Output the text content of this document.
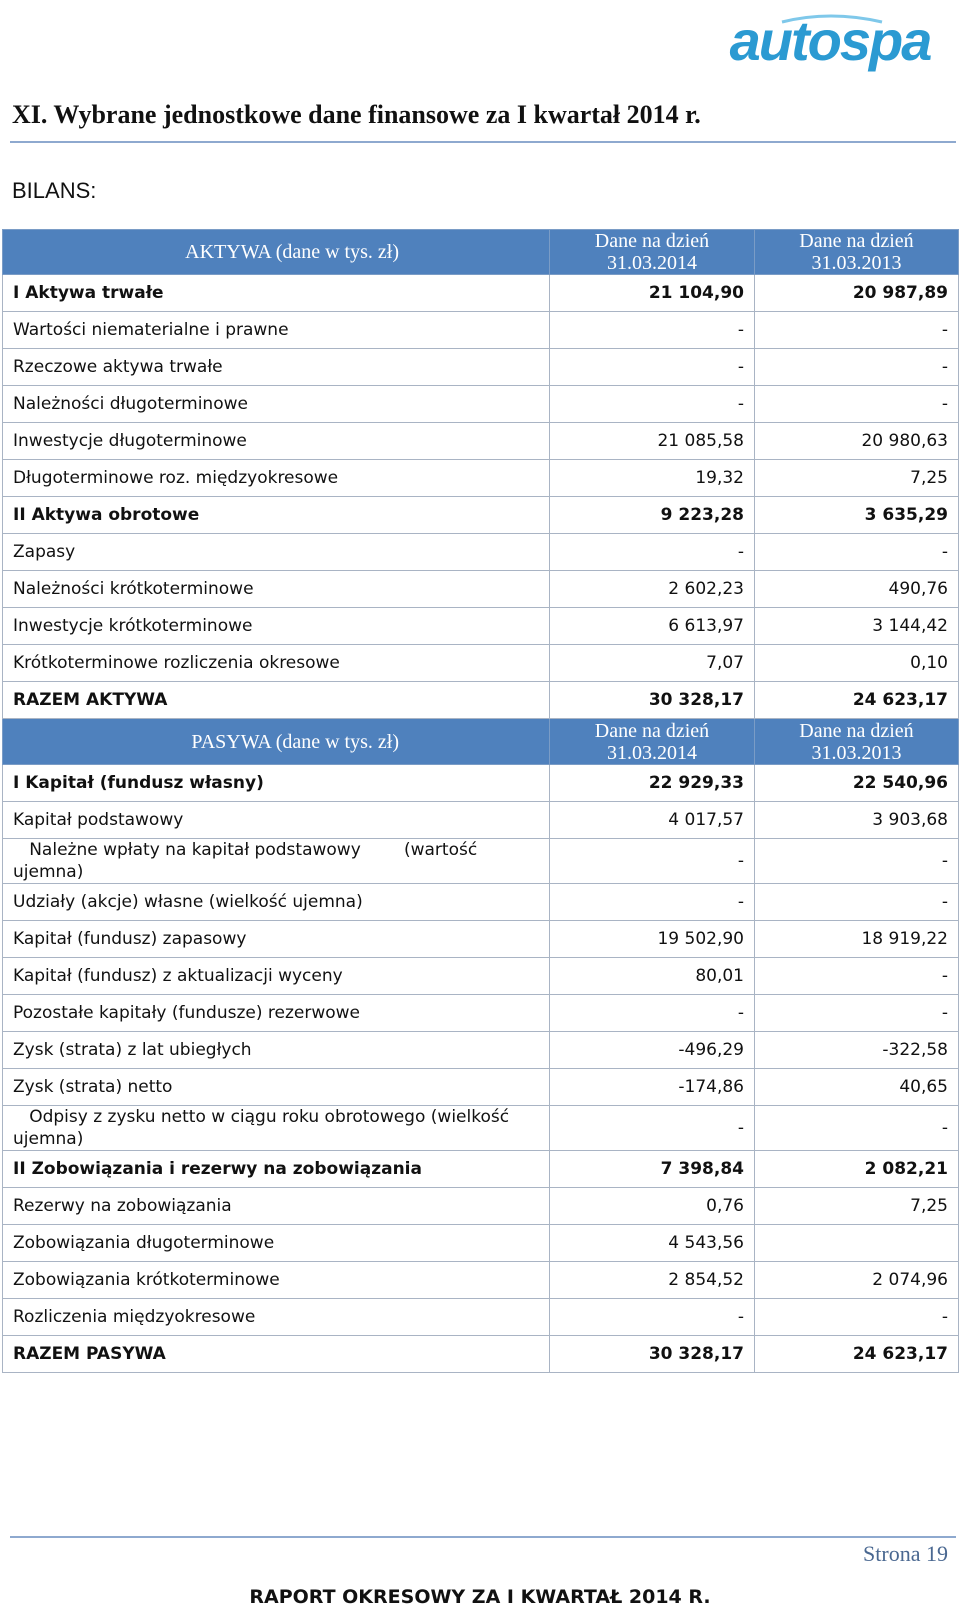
autospa
XI. Wybrane jednostkowe dane finansowe za I kwartał 2014 r.
BILANS:
AKTYWA (dane w tys. zł)	Dane na dzień 31.03.2014	Dane na dzień 31.03.2013
I Aktywa trwałe	21 104,90	20 987,89
Wartości niematerialne i prawne	-	-
Rzeczowe aktywa trwałe	-	-
Należności długoterminowe	-	-
Inwestycje długoterminowe	21 085,58	20 980,63
Długoterminowe roz. międzyokresowe	19,32	7,25
II Aktywa obrotowe	9 223,28	3 635,29
Zapasy	-	-
Należności krótkoterminowe	2 602,23	490,76
Inwestycje krótkoterminowe	6 613,97	3 144,42
Krótkoterminowe rozliczenia okresowe	7,07	0,10
RAZEM AKTYWA	30 328,17	24 623,17
PASYWA (dane w tys. zł)	Dane na dzień 31.03.2014	Dane na dzień 31.03.2013
I Kapitał (fundusz własny)	22 929,33	22 540,96
Kapitał podstawowy	4 017,57	3 903,68
Należne wpłaty na kapitał podstawowy        (wartość
ujemna)	-	-
Udziały (akcje) własne (wielkość ujemna)	-	-
Kapitał (fundusz) zapasowy	19 502,90	18 919,22
Kapitał (fundusz) z aktualizacji wyceny	80,01	-
Pozostałe kapitały (fundusze) rezerwowe	-	-
Zysk (strata) z lat ubiegłych	-496,29	-322,58
Zysk (strata) netto	-174,86	40,65
Odpisy z zysku netto w ciągu roku obrotowego (wielkość
ujemna)	-	-
II Zobowiązania i rezerwy na zobowiązania	7 398,84	2 082,21
Rezerwy na zobowiązania	0,76	7,25
Zobowiązania długoterminowe	4 543,56	
Zobowiązania krótkoterminowe	2 854,52	2 074,96
Rozliczenia międzyokresowe	-	-
RAZEM PASYWA	30 328,17	24 623,17
Strona 19
RAPORT OKRESOWY ZA I KWARTAŁ 2014 R.
